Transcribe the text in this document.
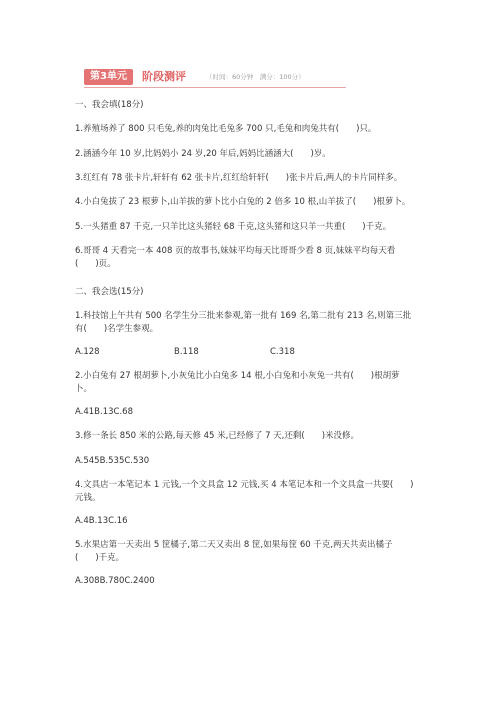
第3单元	阶段测评	（时间：60分钟　满分：100分）
一、我会填(18分)
1.养殖场养了 800 只毛兔,养的肉兔比毛兔多 700 只,毛兔和肉兔共有(　　)只。
2.涵涵今年 10 岁,比妈妈小 24 岁,20 年后,妈妈比涵涵大(　　)岁。
3.红红有 78 张卡片,轩轩有 62 张卡片,红红给轩轩(　　)张卡片后,两人的卡片同样多。
4.小白兔拔了 23 根萝卜,山羊拔的萝卜比小白兔的 2 倍多 10 根,山羊拔了(　　)根萝卜。
5.一头猪重 87 千克,一只羊比这头猪轻 68 千克,这头猪和这只羊一共重(　　)千克。
6.哥哥 4 天看完一本 408 页的故事书,妹妹平均每天比哥哥少看 8 页,妹妹平均每天看(　　)页。
二、我会选(15分)
1.科技馆上午共有 500 名学生分三批来参观,第一批有 169 名,第二批有 213 名,则第三批有(　　)名学生参观。
A.128	B.118	C.318
2.小白兔有 27 根胡萝卜,小灰兔比小白兔多 14 根,小白兔和小灰兔一共有(　　)根胡萝卜。
A.41B.13C.68
3.修一条长 850 米的公路,每天修 45 米,已经修了 7 天,还剩(　　)米没修。
A.545B.535C.530
4.文具店一本笔记本 1 元钱,一个文具盒 12 元钱,买 4 本笔记本和一个文具盒一共要(　　)元钱。
A.4B.13C.16
5.水果店第一天卖出 5 筐橘子,第二天又卖出 8 筐,如果每筐 60 千克,两天共卖出橘子(　　)千克。
A.308B.780C.2400
